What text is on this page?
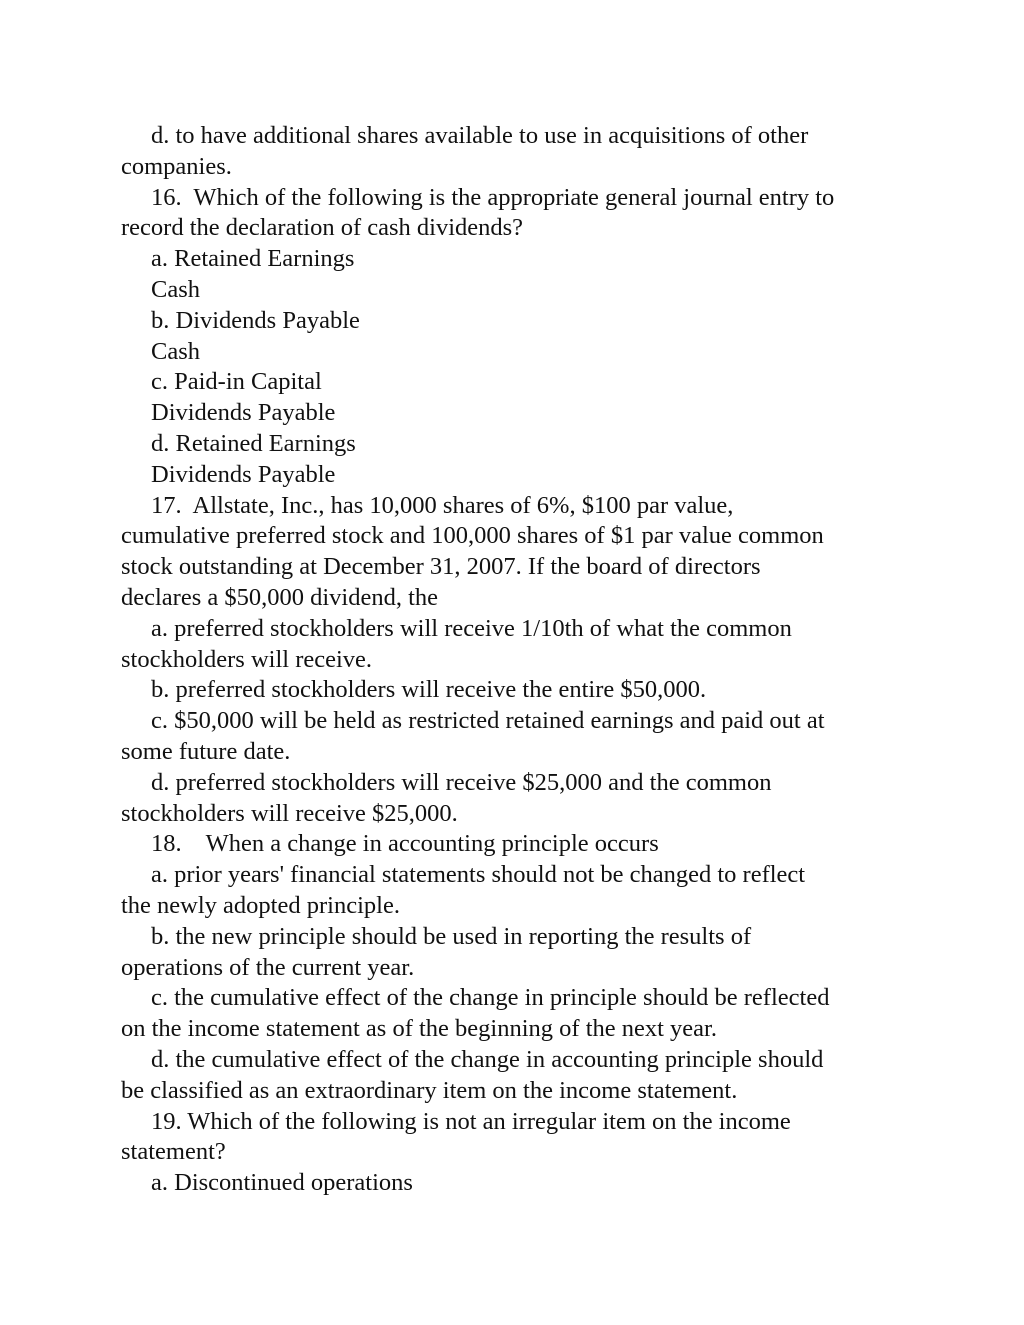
d. to have additional shares available to use in acquisitions of other
companies.
16.  Which of the following is the appropriate general journal entry to
record the declaration of cash dividends?
a. Retained Earnings
Cash
b. Dividends Payable
Cash
c. Paid-in Capital
Dividends Payable
d. Retained Earnings
Dividends Payable
17.  Allstate, Inc., has 10,000 shares of 6%, $100 par value,
cumulative preferred stock and 100,000 shares of $1 par value common
stock outstanding at December 31, 2007. If the board of directors
declares a $50,000 dividend, the
a. preferred stockholders will receive 1/10th of what the common
stockholders will receive.
b. preferred stockholders will receive the entire $50,000.
c. $50,000 will be held as restricted retained earnings and paid out at
some future date.
d. preferred stockholders will receive $25,000 and the common
stockholders will receive $25,000.
18.    When a change in accounting principle occurs
a. prior years' financial statements should not be changed to reflect
the newly adopted principle.
b. the new principle should be used in reporting the results of
operations of the current year.
c. the cumulative effect of the change in principle should be reflected
on the income statement as of the beginning of the next year.
d. the cumulative effect of the change in accounting principle should
be classified as an extraordinary item on the income statement.
19. Which of the following is not an irregular item on the income
statement?
a. Discontinued operations
